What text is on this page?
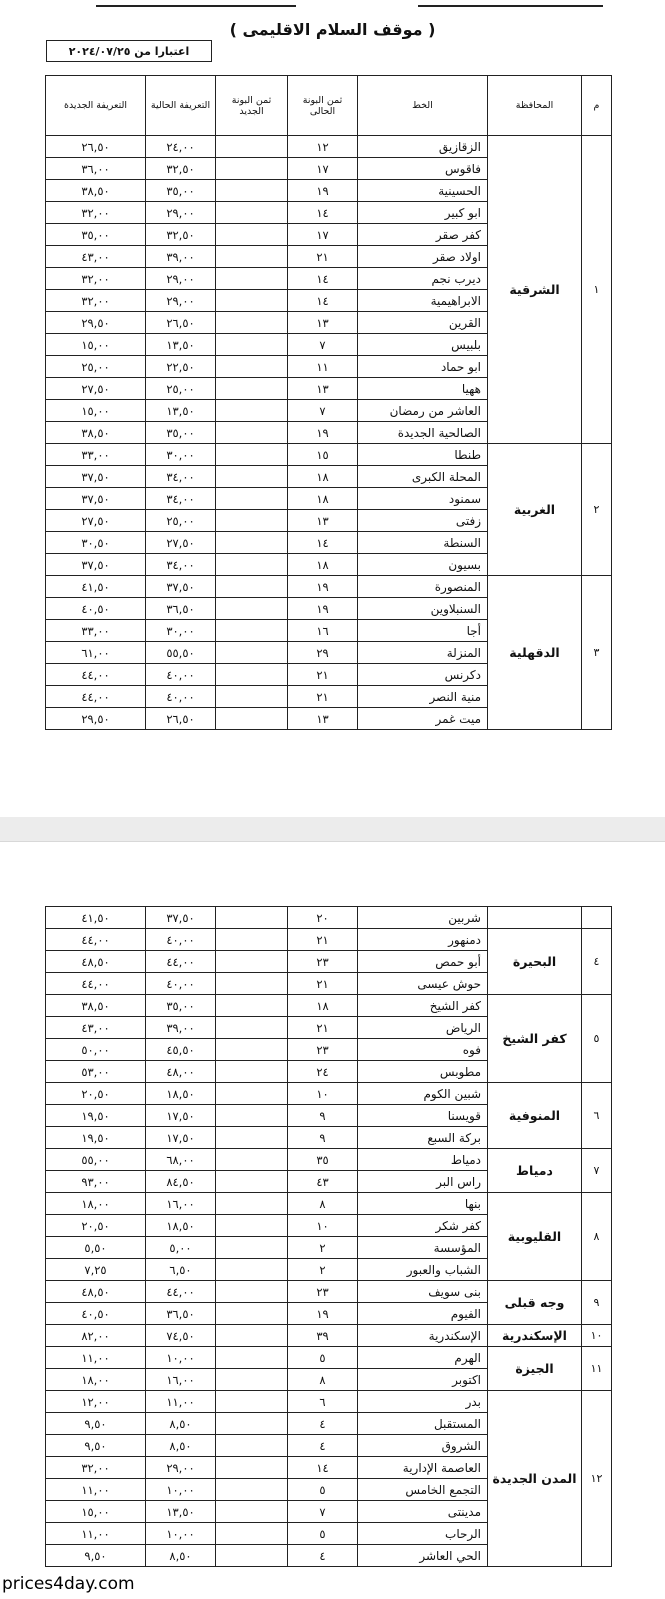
( موقف السلام الاقليمى )
اعتبارا من ٢٠٢٤/٠٧/٢٥
م	المحافظة	الخط	ثمن البونة الحالى	ثمن البونة الجديد	التعريفة الحالية	التعريفة الجديدة
١	الشرقية	الزقازيق	١٢		٢٤,٠٠	٢٦,٥٠
		فاقوس	١٧		٣٢,٥٠	٣٦,٠٠
		الحسينية	١٩		٣٥,٠٠	٣٨,٥٠
		ابو كبير	١٤		٢٩,٠٠	٣٢,٠٠
		كفر صقر	١٧		٣٢,٥٠	٣٥,٠٠
		اولاد صقر	٢١		٣٩,٠٠	٤٣,٠٠
		ديرب نجم	١٤		٢٩,٠٠	٣٢,٠٠
		الابراهيمية	١٤		٢٩,٠٠	٣٢,٠٠
		القرين	١٣		٢٦,٥٠	٢٩,٥٠
		بلبيس	٧		١٣,٥٠	١٥,٠٠
		ابو حماد	١١		٢٢,٥٠	٢٥,٠٠
		ههيا	١٣		٢٥,٠٠	٢٧,٥٠
		العاشر من رمضان	٧		١٣,٥٠	١٥,٠٠
		الصالحية الجديدة	١٩		٣٥,٠٠	٣٨,٥٠
٢	الغربية	طنطا	١٥		٣٠,٠٠	٣٣,٠٠
		المحلة الكبرى	١٨		٣٤,٠٠	٣٧,٥٠
		سمنود	١٨		٣٤,٠٠	٣٧,٥٠
		زفتى	١٣		٢٥,٠٠	٢٧,٥٠
		السنطة	١٤		٢٧,٥٠	٣٠,٥٠
		بسيون	١٨		٣٤,٠٠	٣٧,٥٠
٣	الدقهلية	المنصورة	١٩		٣٧,٥٠	٤١,٥٠
		السنبلاوين	١٩		٣٦,٥٠	٤٠,٥٠
		أجا	١٦		٣٠,٠٠	٣٣,٠٠
		المنزلة	٢٩		٥٥,٥٠	٦١,٠٠
		دكرنس	٢١		٤٠,٠٠	٤٤,٠٠
		منية النصر	٢١		٤٠,٠٠	٤٤,٠٠
		ميت غمر	١٣		٢٦,٥٠	٢٩,٥٠
		شربين	٢٠		٣٧,٥٠	٤١,٥٠
٤	البحيرة	دمنهور	٢١		٤٠,٠٠	٤٤,٠٠
		أبو حمص	٢٣		٤٤,٠٠	٤٨,٥٠
		حوش عيسى	٢١		٤٠,٠٠	٤٤,٠٠
٥	كفر الشيخ	كفر الشيخ	١٨		٣٥,٠٠	٣٨,٥٠
		الرياض	٢١		٣٩,٠٠	٤٣,٠٠
		فوه	٢٣		٤٥,٥٠	٥٠,٠٠
		مطوبس	٢٤		٤٨,٠٠	٥٣,٠٠
٦	المنوفية	شبين الكوم	١٠		١٨,٥٠	٢٠,٥٠
		قويسنا	٩		١٧,٥٠	١٩,٥٠
		بركة السبع	٩		١٧,٥٠	١٩,٥٠
٧	دمياط	دمياط	٣٥		٦٨,٠٠	٥٥,٠٠
		راس البر	٤٣		٨٤,٥٠	٩٣,٠٠
٨	القليوبية	بنها	٨		١٦,٠٠	١٨,٠٠
		كفر شكر	١٠		١٨,٥٠	٢٠,٥٠
		المؤسسة	٢		٥,٠٠	٥,٥٠
		الشباب والعبور	٢		٦,٥٠	٧,٢٥
٩	وجه قبلى	بنى سويف	٢٣		٤٤,٠٠	٤٨,٥٠
		الفيوم	١٩		٣٦,٥٠	٤٠,٥٠
١٠	الإسكندرية	الإسكندرية	٣٩		٧٤,٥٠	٨٢,٠٠
١١	الجيزة	الهرم	٥		١٠,٠٠	١١,٠٠
		اكتوبر	٨		١٦,٠٠	١٨,٠٠
١٢	المدن الجديدة	بدر	٦		١١,٠٠	١٢,٠٠
		المستقبل	٤		٨,٥٠	٩,٥٠
		الشروق	٤		٨,٥٠	٩,٥٠
		العاصمة الإدارية	١٤		٢٩,٠٠	٣٢,٠٠
		التجمع الخامس	٥		١٠,٠٠	١١,٠٠
		مدينتى	٧		١٣,٥٠	١٥,٠٠
		الرحاب	٥		١٠,٠٠	١١,٠٠
		الحي العاشر	٤		٨,٥٠	٩,٥٠
prices4day.com
